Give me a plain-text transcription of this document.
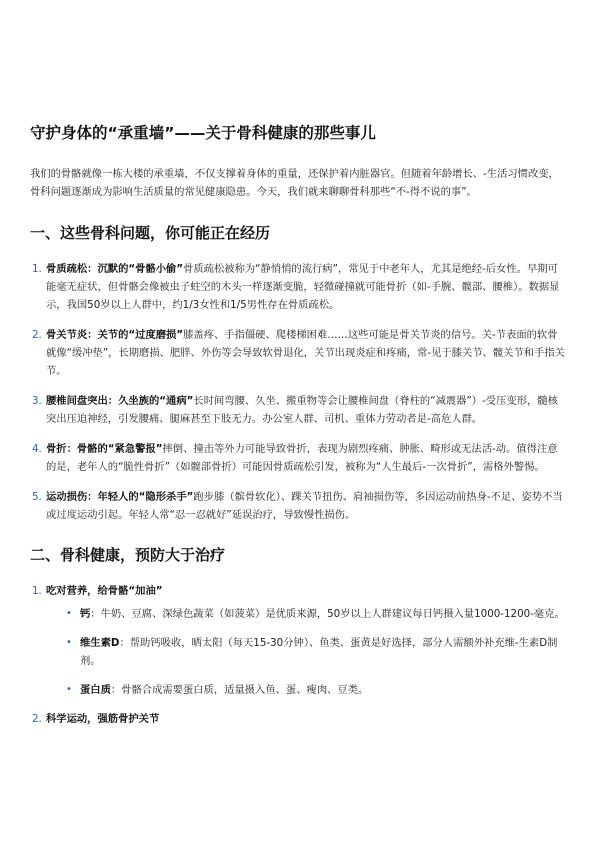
守护身体的“承重墙”——关于骨科健康的那些事儿

我们的骨骼就像一栋大楼的承重墙，不仅支撑着身体的重量，还保护着内脏器官。但随着年龄增长、-生活习惯改变，骨科问题逐渐成为影响生活质量的常见健康隐患。今天，我们就来聊聊骨科那些“不-得不说的事”。

一、这些骨科问题，你可能正在经历
1. 骨质疏松：沉默的“骨骼小偷”骨质疏松被称为“静悄悄的流行病”，常见于中老年人，尤其是绝经-后女性。早期可能毫无症状，但骨骼会像被虫子蛀空的木头一样逐渐变脆，轻微碰撞就可能骨折（如-手腕、髋部、腰椎）。数据显示，我国50岁以上人群中，约1/3女性和1/5男性存在骨质疏松。
2. 骨关节炎：关节的“过度磨损”膝盖疼、手指僵硬、爬楼梯困难……这些可能是骨关节炎的信号。关-节表面的软骨就像“缓冲垫”，长期磨损、肥胖、外伤等会导致软骨退化，关节出现炎症和疼痛，常-见于膝关节、髋关节和手指关节。
3. 腰椎间盘突出：久坐族的“通病”长时间弯腰、久坐、搬重物等会让腰椎间盘（脊柱的“减震器”）-受压变形，髓核突出压迫神经，引发腰痛、腿麻甚至下肢无力。办公室人群、司机、重体力劳动者是-高危人群。
4. 骨折：骨骼的“紧急警报”摔倒、撞击等外力可能导致骨折，表现为剧烈疼痛、肿胀、畸形或无法活-动。值得注意的是，老年人的“脆性骨折”（如髋部骨折）可能因骨质疏松引发，被称为“人生最后-一次骨折”，需格外警惕。
5. 运动损伤：年轻人的“隐形杀手”跑步膝（髌骨软化）、踝关节扭伤、肩袖损伤等，多因运动前热身-不足、姿势不当或过度运动引起。年轻人常“忍一忍就好”延误治疗，导致慢性损伤。
二、骨科健康，预防大于治疗
1. 吃对营养，给骨骼“加油”
• 钙：牛奶、豆腐、深绿色蔬菜（如菠菜）是优质来源，50岁以上人群建议每日钙摄入量1000-1200-毫克。
• 维生素D：帮助钙吸收，晒太阳（每天15-30分钟）、鱼类、蛋黄是好选择，部分人需额外补充维-生素D制剂。
• 蛋白质：骨骼合成需要蛋白质，适量摄入鱼、蛋、瘦肉、豆类。
2. 科学运动，强筋骨护关节
